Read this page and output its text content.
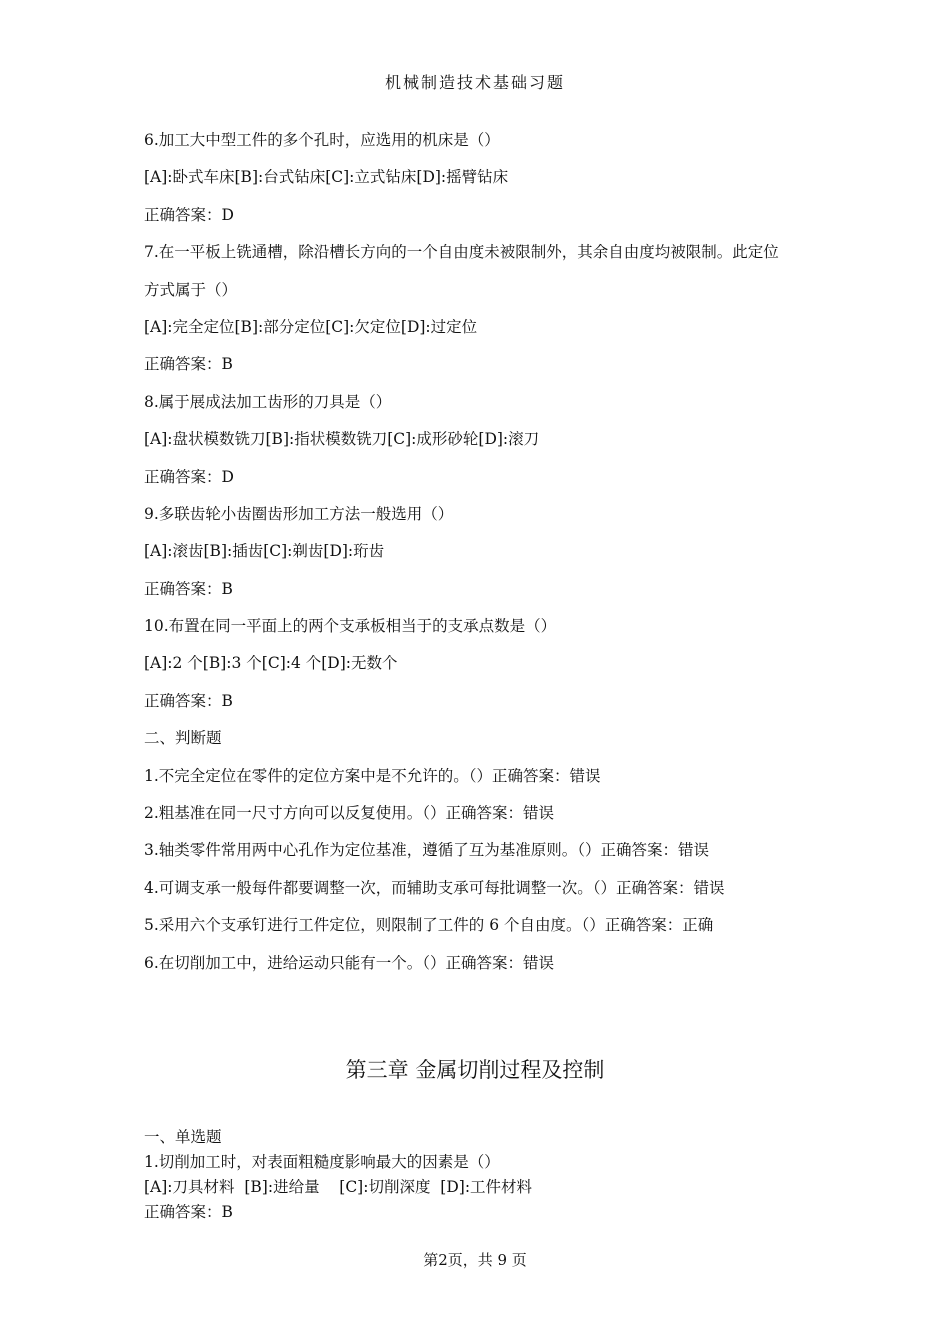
机械制造技术基础习题
6.加工大中型工件的多个孔时，应选用的机床是（）
[A]:卧式车床[B]:台式钻床[C]:立式钻床[D]:摇臂钻床
正确答案：D
7.在一平板上铣通槽，除沿槽长方向的一个自由度未被限制外，其余自由度均被限制。此定位
方式属于（）
[A]:完全定位[B]:部分定位[C]:欠定位[D]:过定位
正确答案：B
8.属于展成法加工齿形的刀具是（）
[A]:盘状模数铣刀[B]:指状模数铣刀[C]:成形砂轮[D]:滚刀
正确答案：D
9.多联齿轮小齿圈齿形加工方法一般选用（）
[A]:滚齿[B]:插齿[C]:剃齿[D]:珩齿
正确答案：B
10.布置在同一平面上的两个支承板相当于的支承点数是（）
[A]:2 个[B]:3 个[C]:4 个[D]:无数个
正确答案：B
二、判断题
1.不完全定位在零件的定位方案中是不允许的。（）正确答案：错误
2.粗基准在同一尺寸方向可以反复使用。（）正确答案：错误
3.轴类零件常用两中心孔作为定位基准，遵循了互为基准原则。（）正确答案：错误
4.可调支承一般每件都要调整一次，而辅助支承可每批调整一次。（）正确答案：错误
5.采用六个支承钉进行工件定位，则限制了工件的 6 个自由度。（）正确答案：正确
6.在切削加工中，进给运动只能有一个。（）正确答案：错误
第三章 金属切削过程及控制
一、单选题
1.切削加工时，对表面粗糙度影响最大的因素是（）
[A]:刀具材料  [B]:进给量    [C]:切削深度  [D]:工件材料
正确答案：B
第2页，共 9 页
